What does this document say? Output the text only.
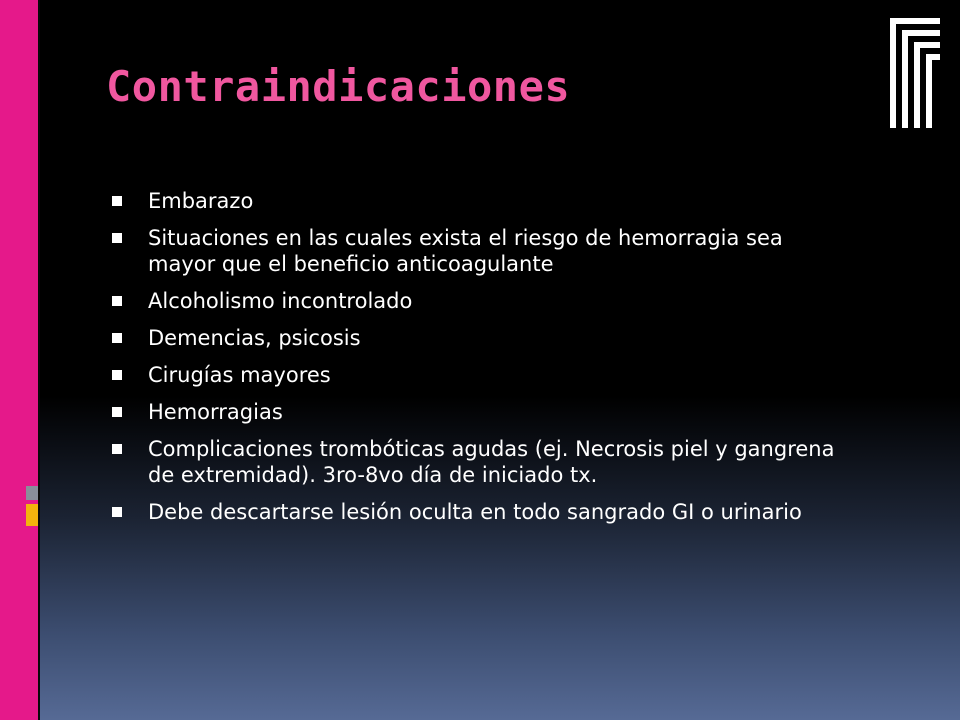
Contraindicaciones
Embarazo
Situaciones en las cuales exista el riesgo de hemorragia sea mayor que el beneficio anticoagulante
Alcoholismo incontrolado
Demencias, psicosis
Cirugías mayores
Hemorragias
Complicaciones trombóticas agudas (ej. Necrosis piel y gangrena de extremidad). 3ro-8vo día de iniciado tx.
Debe descartarse lesión oculta en todo sangrado GI o urinario
